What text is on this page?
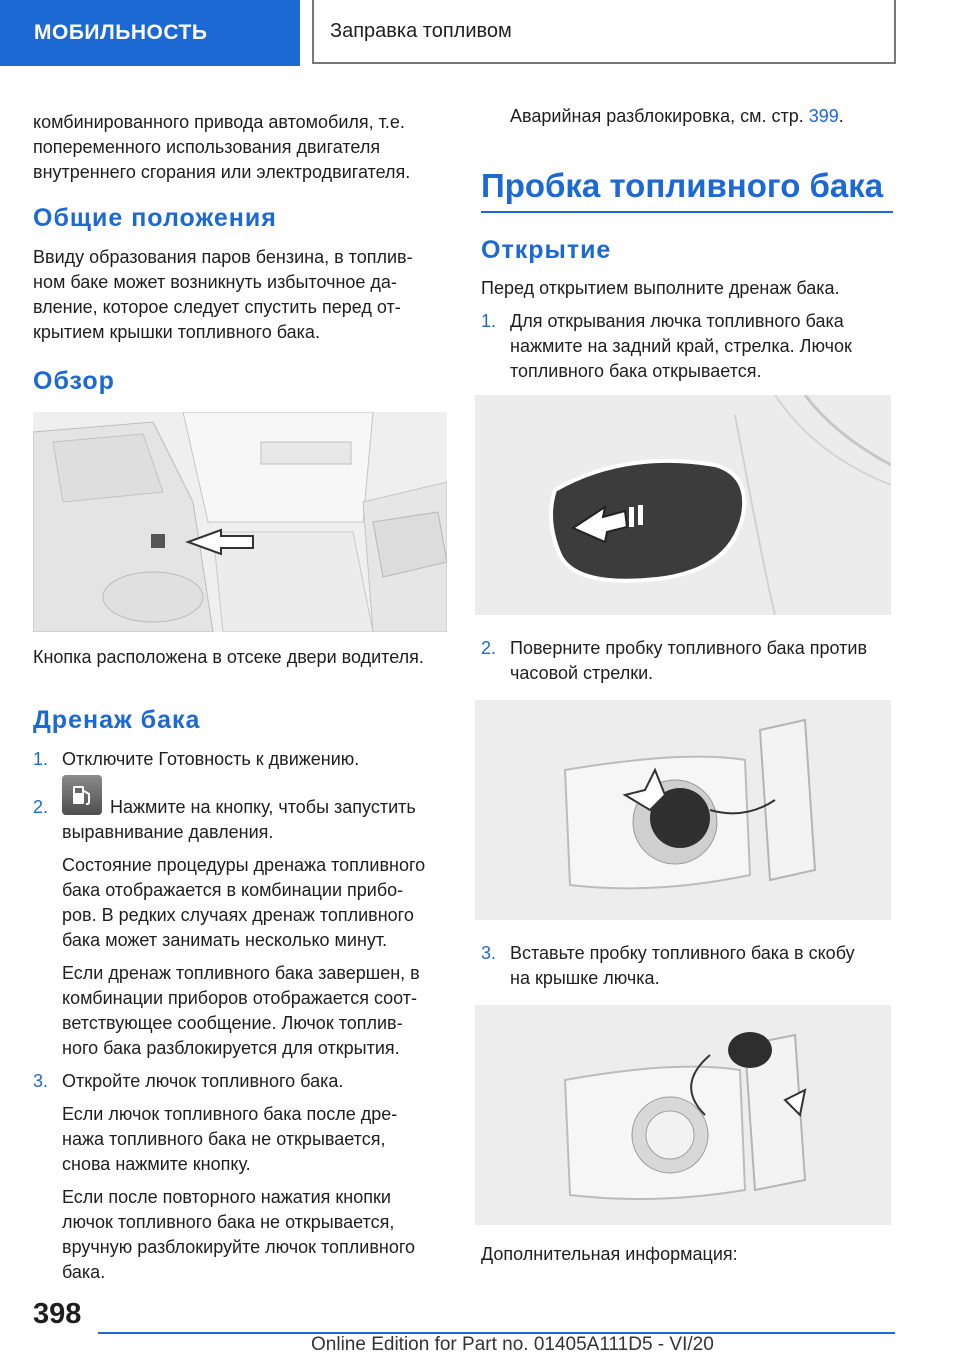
МОБИЛЬНОСТЬ	Заправка топливом

комбинированного привода автомобиля, т.е.

попеременного использования двигателя

внутреннего сгорания или электродвигателя.

Общие положения

Ввиду образования паров бензина, в топлив-

ном баке может возникнуть избыточное да-

вление, которое следует спустить перед от-

крытием крышки топливного бака.

Обзор

Кнопка расположена в отсеке двери водителя.

Дренаж бака
1. Отключите Готовность к движению.

2.	Нажмите на кнопку, чтобы запустить

выравнивание давления.

Состояние процедуры дренажа топливного

бака отображается в комбинации прибо-

ров. В редких случаях дренаж топливного

бака может занимать несколько минут.

Если дренаж топливного бака завершен, в

комбинации приборов отображается соот-

ветствующее сообщение. Лючок топлив-

ного бака разблокируется для открытия.

3. Откройте лючок топливного бака.

Если лючок топливного бака после дре-

нажа топливного бака не открывается,

снова нажмите кнопку.

Если после повторного нажатия кнопки

лючок топливного бака не открывается,

вручную разблокируйте лючок топливного

бака.

Аварийная разблокировка, см. стр. 399.

Пробка топливного бака
Открытие

Перед открытием выполните дренаж бака.

1. Для открывания лючка топливного бака

нажмите на задний край, стрелка. Лючок

топливного бака открывается.

2. Поверните пробку топливного бака против

часовой стрелки.

3. Вставьте пробку топливного бака в скобу

на крышке лючка.

Дополнительная информация:

398
Online Edition for Part no. 01405A111D5 - VI/20
